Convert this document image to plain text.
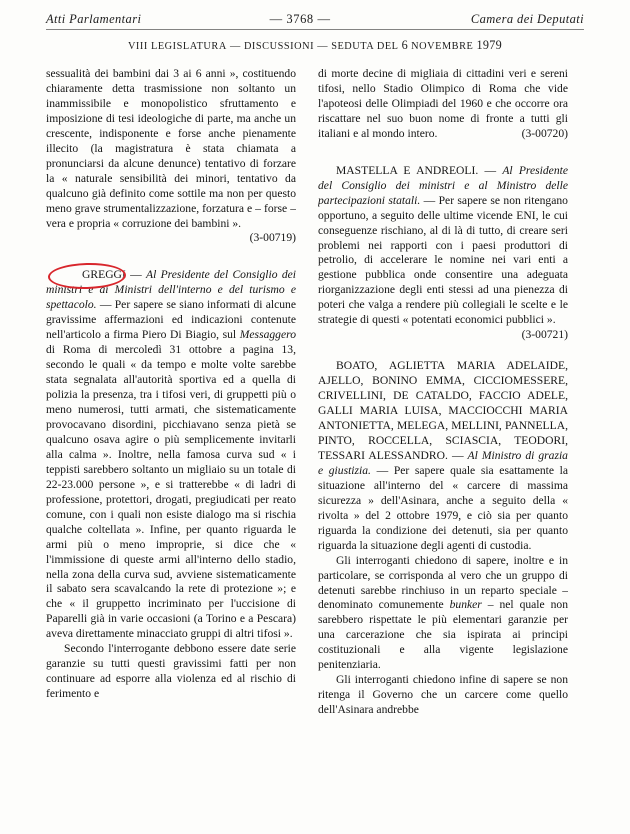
Atti Parlamentari	— 3768 —	Camera dei Deputati
VIII LEGISLATURA — DISCUSSIONI — SEDUTA DEL 6 NOVEMBRE 1979

sessualità dei bambini dai 3 ai 6 anni », costituendo chiaramente detta trasmissione non soltanto un inammissibile e monopolistico sfruttamento e imposizione di tesi ideologiche di parte, ma anche un crescente, indisponente e forse anche pienamente illecito (la magistratura è stata chiamata a pronunciarsi da alcune denunce) tentativo di forzare la « naturale sensibilità dei minori, tentativo da qualcuno già definito come sottile ma non per questo meno grave strumentalizzazione, forzatura e – forse – vera e propria « corruzione dei bambini ».
(3-00719)

GREGGI — Al Presidente del Consiglio dei ministri e ai Ministri dell'interno e del turismo e spettacolo. — Per sapere se siano informati di alcune gravissime affermazioni ed indicazioni contenute nell'articolo a firma Piero Di Biagio, sul Messaggero di Roma di mercoledì 31 ottobre a pagina 13, secondo le quali « da tempo e molte volte sarebbe stata segnalata all'autorità sportiva ed a quella di polizia la presenza, tra i tifosi veri, di gruppetti più o meno numerosi, tutti armati, che sistematicamente provocavano disordini, picchiavano senza pietà se qualcuno osava agire o più semplicemente invitarli alla calma ». Inoltre, nella famosa curva sud « i teppisti sarebbero soltanto un migliaio su un totale di 22-23.000 persone », e si tratterebbe « di ladri di professione, protettori, drogati, pregiudicati per reato comune, con i quali non esiste dialogo ma si rischia qualche coltellata ». Infine, per quanto riguarda le armi più o meno improprie, si dice che « l'immissione di queste armi all'interno dello stadio, nella zona della curva sud, avviene sistematicamente il sabato sera scavalcando la rete di protezione »; e che « il gruppetto incriminato per l'uccisione di Paparelli già in varie occasioni (a Torino e a Pescara) aveva direttamente minacciato gruppi di altri tifosi ».

Secondo l'interrogante debbono essere date serie garanzie su tutti questi gravissimi fatti per non continuare ad esporre alla violenza ed al rischio di ferimento e

di morte decine di migliaia di cittadini veri e sereni tifosi, nello Stadio Olimpico di Roma che vide l'apoteosi delle Olimpiadi del 1960 e che occorre ora riscattare nel suo buon nome di fronte a tutti gli italiani e al mondo intero.	(3-00720)

MASTELLA E ANDREOLI. — Al Presidente del Consiglio dei ministri e al Ministro delle partecipazioni statali. — Per sapere se non ritengano opportuno, a seguito delle ultime vicende ENI, le cui conseguenze rischiano, al di là di tutto, di creare seri problemi nei rapporti con i paesi produttori di petrolio, di accelerare le nomine nei vari enti a gestione pubblica onde consentire una adeguata riorganizzazione degli enti stessi ad una pienezza di poteri che valga a rendere più collegiali le scelte e le strategie di questi « potentati economici pubblici ».
(3-00721)

BOATO, AGLIETTA MARIA ADELAIDE, AJELLO, BONINO EMMA, CICCIOMESSERE, CRIVELLINI, DE CATALDO, FACCIO ADELE, GALLI MARIA LUISA, MACCIOCCHI MARIA ANTONIETTA, MELEGA, MELLINI, PANNELLA, PINTO, ROCCELLA, SCIASCIA, TEODORI, TESSARI ALESSANDRO. — Al Ministro di grazia e giustizia. — Per sapere quale sia esattamente la situazione all'interno del « carcere di massima sicurezza » dell'Asinara, anche a seguito della « rivolta » del 2 ottobre 1979, e ciò sia per quanto riguarda la condizione dei detenuti, sia per quanto riguarda la situazione degli agenti di custodia.

Gli interroganti chiedono di sapere, inoltre e in particolare, se corrisponda al vero che un gruppo di detenuti sarebbe rinchiuso in un reparto speciale – denominato comunemente bunker – nel quale non sarebbero rispettate le più elementari garanzie per una carcerazione che sia ispirata ai principi costituzionali e alla vigente legislazione penitenziaria.

Gli interroganti chiedono infine di sapere se non ritenga il Governo che un carcere come quello dell'Asinara andrebbe
